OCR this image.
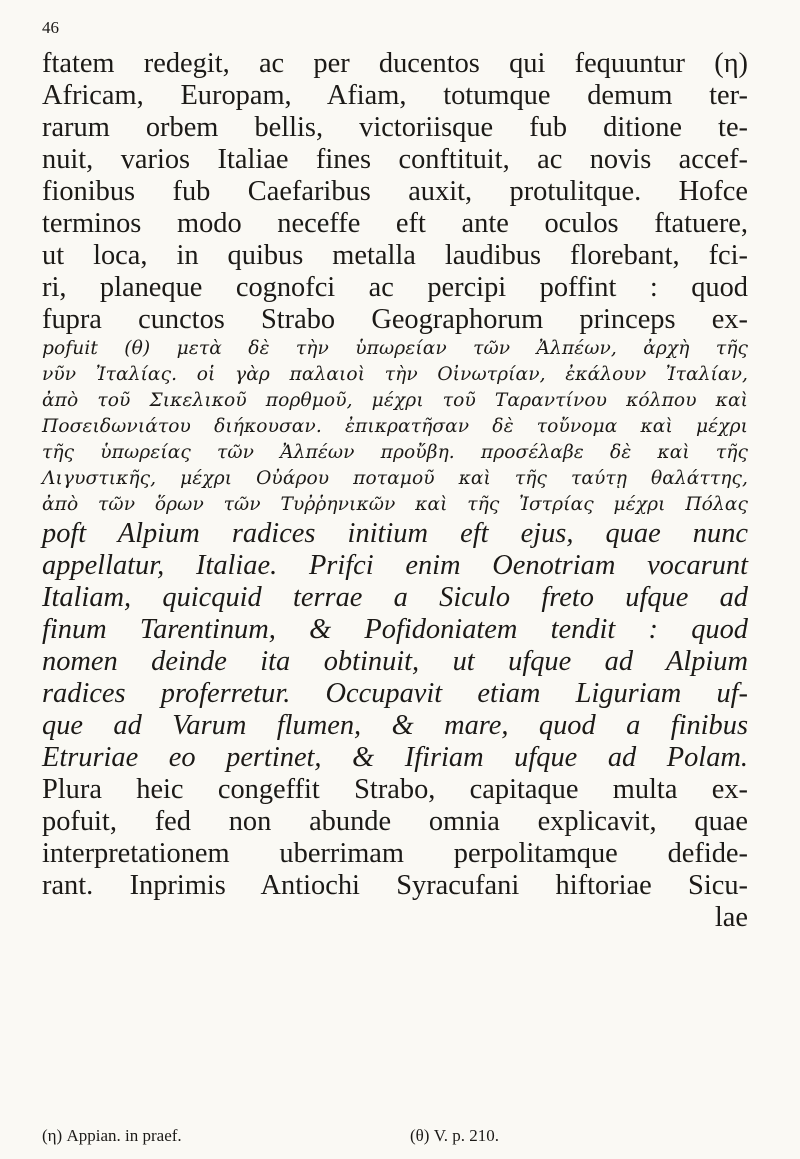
46
ftatem redegit, ac per ducentos qui fequuntur (η)
Africam, Europam, Afiam, totumque demum ter-
rarum orbem bellis, victoriisque fub ditione te-
nuit, varios Italiae fines conftituit, ac novis accef-
fionibus fub Caefaribus auxit, protulitque. Hofce
terminos modo neceffe eft ante oculos ftatuere,
ut loca, in quibus metalla laudibus florebant, fci-
ri, planeque cognofci ac percipi poffint : quod
fupra cunctos Strabo Geographorum princeps ex-
pofuit (θ) μετὰ δὲ τὴν ὑπωρείαν τῶν Ἀλπέων, ἀρχὴ τῆς
νῦν Ἰταλίας. οἱ γὰρ παλαιοὶ τὴν Οἰνωτρίαν, ἐκάλουν Ἰταλίαν,
ἀπὸ τοῦ Σικελικοῦ πορθμοῦ, μέχρι τοῦ Ταραντίνου κόλπου καὶ
Ποσειδωνιάτου διήκουσαν. ἐπικρατῆσαν δὲ τοὔνομα καὶ μέχρι
τῆς ὑπωρείας τῶν Ἀλπέων προὔβη. προσέλαβε δὲ καὶ τῆς
Λιγυστικῆς, μέχρι Οὐάρου ποταμοῦ καὶ τῆς ταύτῃ θαλάττης,
ἀπὸ τῶν ὅρων τῶν Τυῤῥηνικῶν καὶ τῆς Ἰστρίας μέχρι Πόλας
poft Alpium radices initium eft ejus, quae nunc
appellatur, Italiae. Prifci enim Oenotriam vocarunt
Italiam, quicquid terrae a Siculo freto ufque ad
finum Tarentinum, & Pofidoniatem tendit : quod
nomen deinde ita obtinuit, ut ufque ad Alpium
radices proferretur. Occupavit etiam Liguriam uf-
que ad Varum flumen, & mare, quod a finibus
Etruriae eo pertinet, & Ifiriam ufque ad Polam.
Plura heic congeffit Strabo, capitaque multa ex-
pofuit, fed non abunde omnia explicavit, quae
interpretationem uberrimam perpolitamque defide-
rant. Inprimis Antiochi Syracufani hiftoriae Sicu-
lae
(η) Appian. in praef.	(θ) V. p. 210.
